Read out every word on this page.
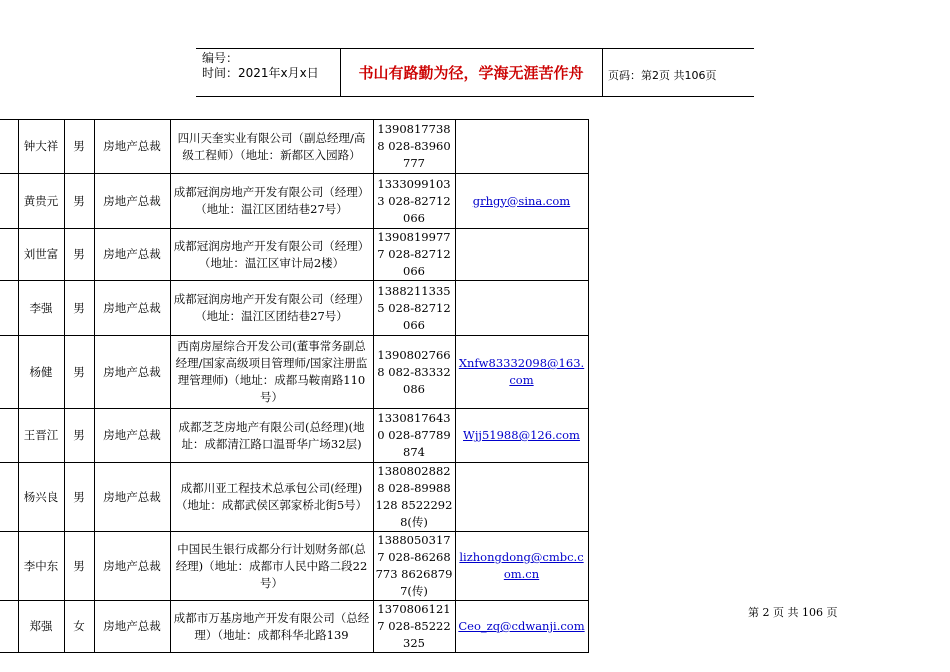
编号：
时间：2021年x月x日	书山有路勤为径，学海无涯苦作舟	页码：第2页 共106页
	钟大祥	男	房地产总裁	四川天奎实业有限公司（副总经理/高级工程师）（地址：新都区入园路）	13908177388 028-83960777	
	黄贵元	男	房地产总裁	成都冠润房地产开发有限公司（经理）（地址：温江区团结巷27号）	13330991033 028-82712066	grhgy@sina.com
	刘世富	男	房地产总裁	成都冠润房地产开发有限公司（经理）（地址：温江区审计局2楼）	13908199777 028-82712066	
	李强	男	房地产总裁	成都冠润房地产开发有限公司（经理）（地址：温江区团结巷27号）	13882113355 028-82712066	
	杨健	男	房地产总裁	西南房屋综合开发公司(董事常务副总经理/国家高级项目管理师/国家注册监理管理师)（地址：成都马鞍南路110号）	13908027668 082-83332086	Xnfw83332098@163.com
	王晋江	男	房地产总裁	成都芝芝房地产有限公司(总经理)(地址：成都清江路口温哥华广场32层)	13308176430 028-87789874	Wjj51988@126.com
	杨兴良	男	房地产总裁	成都川亚工程技术总承包公司(经理)（地址：成都武侯区郭家桥北街5号）	13808028828 028-89988128 85222928(传)	
	李中东	男	房地产总裁	中国民生银行成都分行计划财务部(总经理)（地址：成都市人民中路二段22号）	13880503177 028-86268773 86268797(传)	lizhongdong@cmbc.com.cn
	郑强	女	房地产总裁	成都市万基房地产开发有限公司（总经理）（地址：成都科华北路139	13708061217 028-85222325	Ceo_zq@cdwanji.com
第 2 页 共 106 页
